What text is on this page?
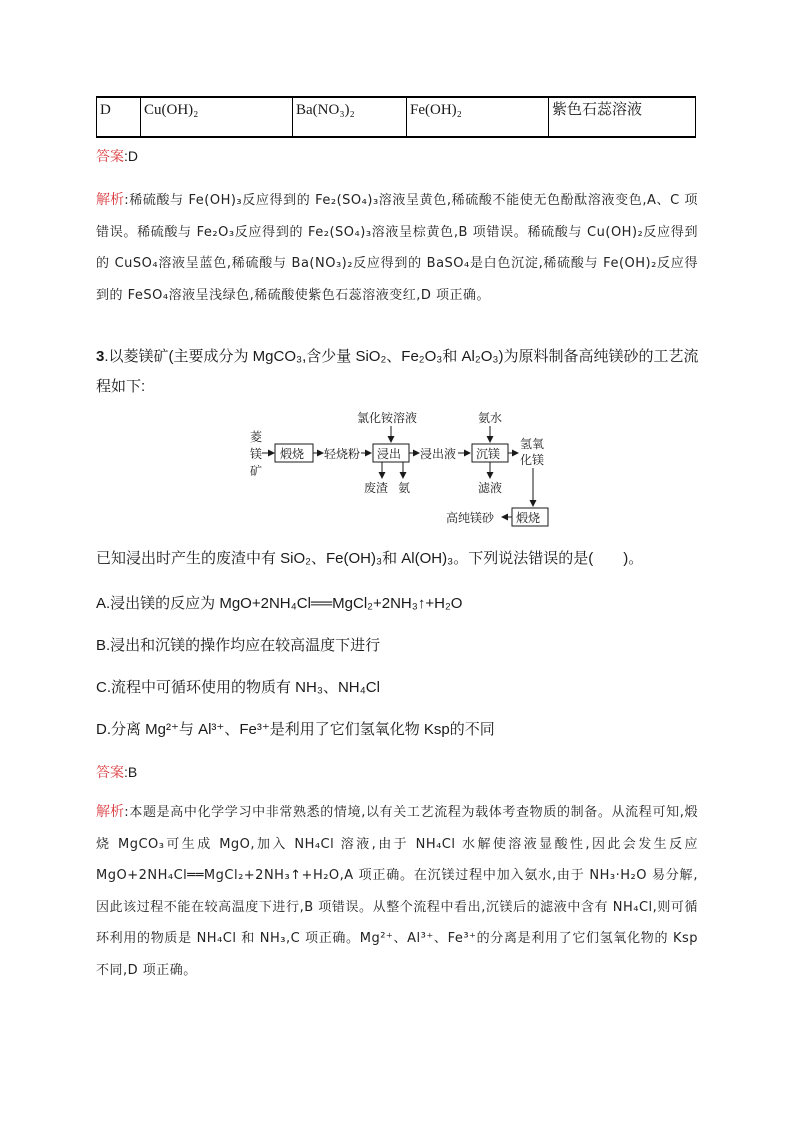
D	Cu(OH)₂	Ba(NO₃)₂	Fe(OH)₂	紫色石蕊溶液
答案:D
解析:稀硫酸与 Fe(OH)₃反应得到的 Fe₂(SO₄)₃溶液呈黄色,稀硫酸不能使无色酚酞溶液变色,A、C 项错误。稀硫酸与 Fe₂O₃反应得到的 Fe₂(SO₄)₃溶液呈棕黄色,B 项错误。稀硫酸与 Cu(OH)₂反应得到的 CuSO₄溶液呈蓝色,稀硫酸与 Ba(NO₃)₂反应得到的 BaSO₄是白色沉淀,稀硫酸与 Fe(OH)₂反应得到的 FeSO₄溶液呈浅绿色,稀硫酸使紫色石蕊溶液变红,D 项正确。
3.以菱镁矿(主要成分为 MgCO₃,含少量 SiO₂、Fe₂O₃和 Al₂O₃)为原料制备高纯镁砂的工艺流程如下:
菱
镁
矿
煅烧 轻烧粉 浸出
氯化铵溶液
废渣 氨
浸出液 沉镁
氨水
滤液
氢氧
化镁
煅烧
高纯镁砂
已知浸出时产生的废渣中有 SiO₂、Fe(OH)₃和 Al(OH)₃。下列说法错误的是(　　)。
A.浸出镁的反应为 MgO+2NH₄Cl══MgCl₂+2NH₃↑+H₂O
B.浸出和沉镁的操作均应在较高温度下进行
C.流程中可循环使用的物质有 NH₃、NH₄Cl
D.分离 Mg²⁺与 Al³⁺、Fe³⁺是利用了它们氢氧化物 Ksp的不同
答案:B
解析:本题是高中化学学习中非常熟悉的情境,以有关工艺流程为载体考查物质的制备。从流程可知,煅烧 MgCO₃可生成 MgO,加入 NH₄Cl 溶液,由于 NH₄Cl 水解使溶液显酸性,因此会发生反应 MgO+2NH₄Cl══MgCl₂+2NH₃↑+H₂O,A 项正确。在沉镁过程中加入氨水,由于 NH₃·H₂O 易分解,因此该过程不能在较高温度下进行,B 项错误。从整个流程中看出,沉镁后的滤液中含有 NH₄Cl,则可循环利用的物质是 NH₄Cl 和 NH₃,C 项正确。Mg²⁺、Al³⁺、Fe³⁺的分离是利用了它们氢氧化物的 Ksp不同,D 项正确。
